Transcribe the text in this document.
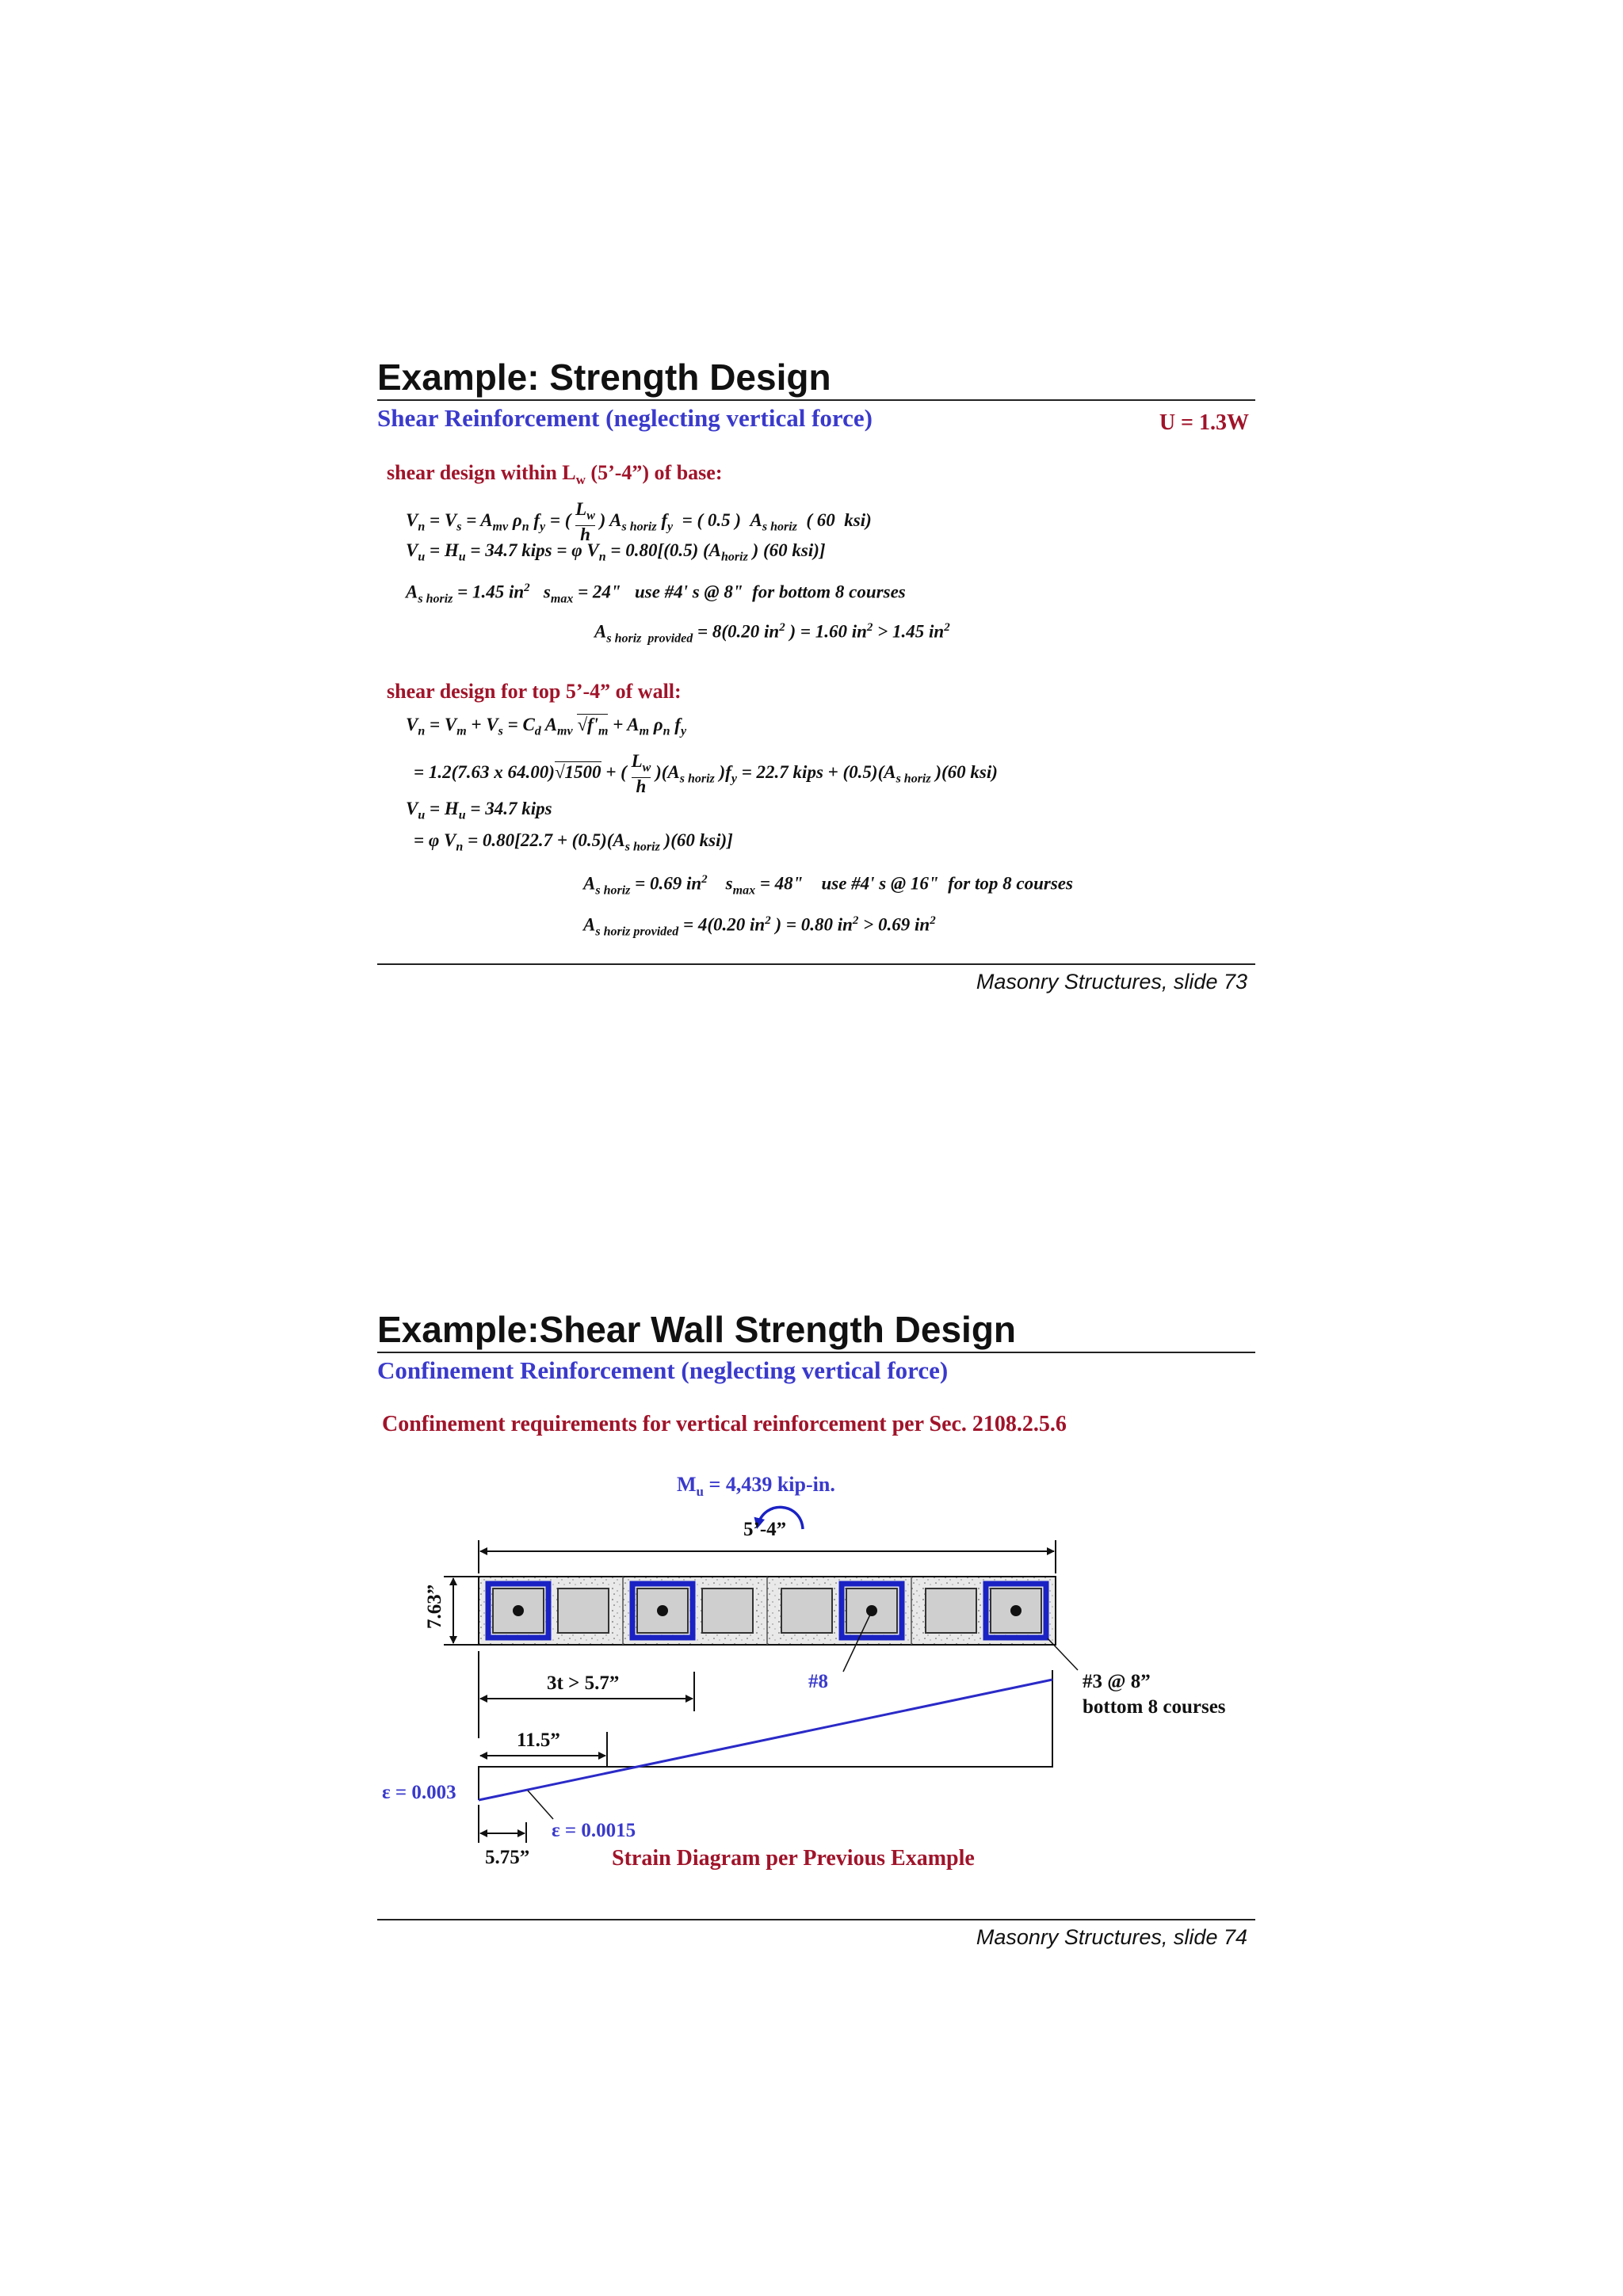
Example: Strength Design
Shear Reinforcement (neglecting vertical force)	U = 1.3W
shear design within $L_w$ (5’-4”) of base:
$V_n = V_s = A_{mv}$ $\rho_n$ $f_y$ = ( $\frac{L_w}{h}$ ) $A_{s horiz}$ $f_y$  = ( 0.5 )  $A_{s horiz}$  ( 60  ksi)
$V_u = H_u = 34.7$ kips = φ $V_n = 0.80[(0.5)$ ($A_{horiz}$ ) (60 ksi)]
$A_{s horiz} = 1.45$ $in^2$   $s_{max} = 24$"   use #4' s @ 8"  for bottom 8 courses
$A_{s horiz provided} = 8(0.20$ $in^2$ ) = 1.60 $in^2 > 1.45$ $in^2$
shear design for top 5’-4” of wall:
$V_n = V_m + V_s = C_d$ $A_{mv}$ $√f'_m + A_m$ $\rho_n$ $f_y$
= 1.2(7.63 x 64.00)√1500 + ( $\frac{L_w}{h} )(A_{s horiz}$ )$f_y = 22.7$ kips + $(0.5)(A_{s horiz}$ )(60 ksi)
$V_u = H_u = 34.7$ kips
= φ $V_n = 0.80[22.7 + (0.5)(A_{s horiz}$ )(60 ksi)]
$A_{s horiz} = 0.69$ $in^2$    $s_{max} = 48$"    use #4' s @ 16"  for top 8 courses
$A_{s horiz provided} = 4(0.20$ $in^2$ ) = 0.80 $in^2 > 0.69$ $in^2$
Masonry Structures, slide 73
Example:Shear Wall Strength Design
Confinement Reinforcement (neglecting vertical force)
Confinement requirements for vertical reinforcement per Sec. 2108.2.5.6
$M_u = 4,439$ kip-in.
5’-4”
7.63”
#8	#3 @ 8”
bottom 8 courses
3t > 5.7”
11.5”
ε = 0.003
ε = 0.0015
5.75”	Strain Diagram per Previous Example
Masonry Structures, slide 74
